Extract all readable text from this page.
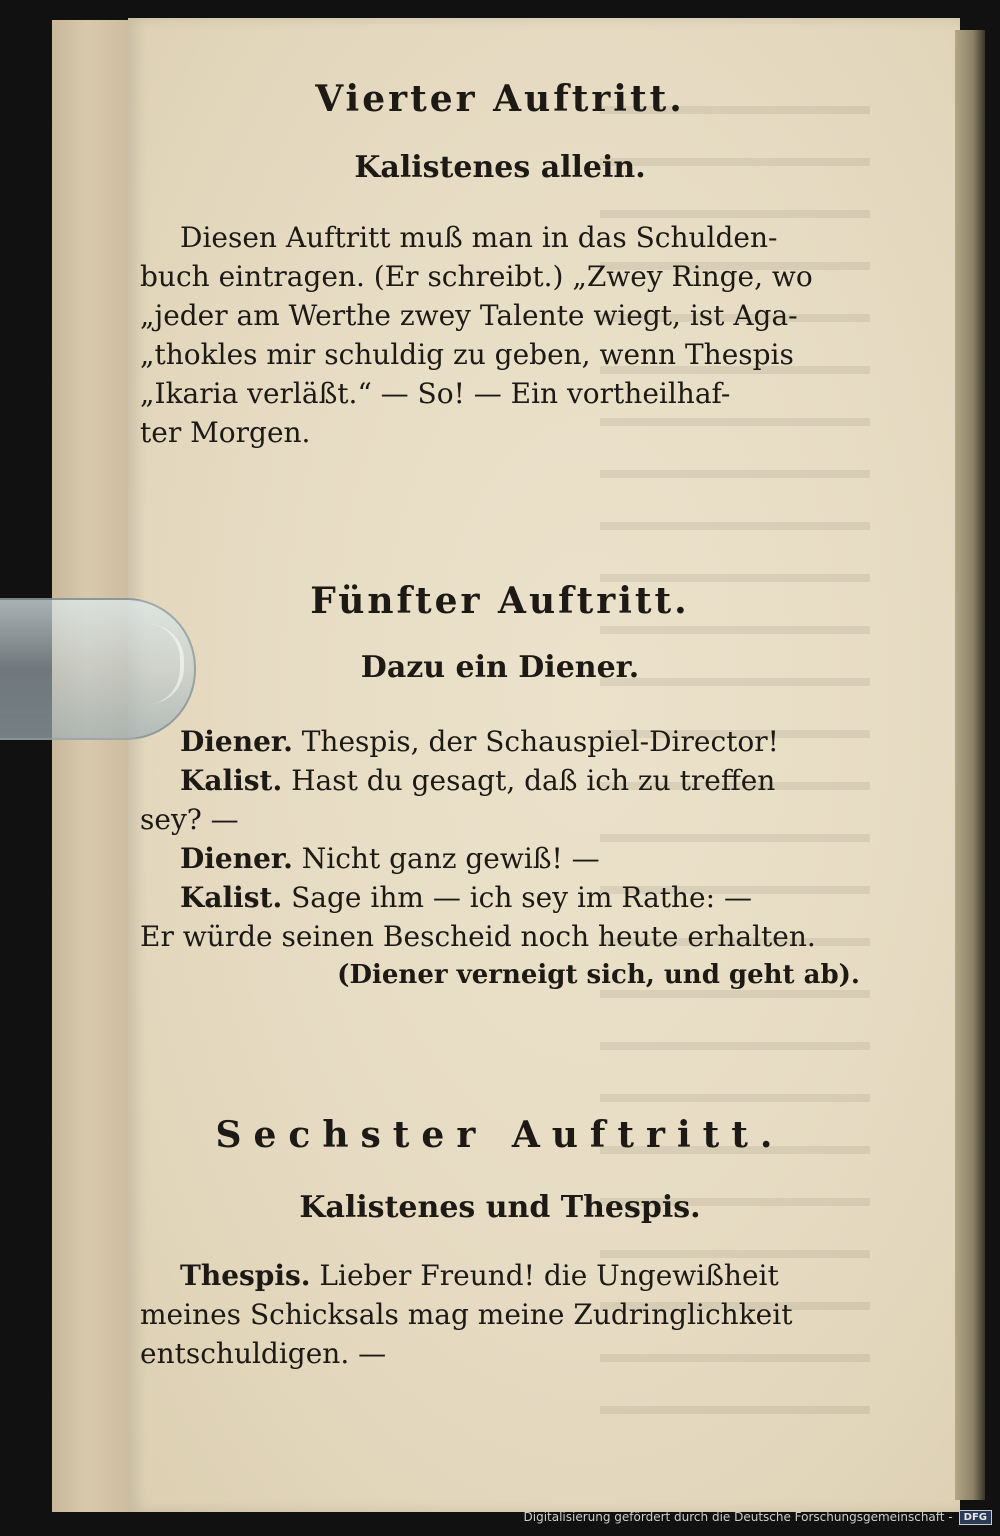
Vierter Auftritt.
Kalistenes allein.
Diesen Auftritt muß man in das Schulden-
buch eintragen. (Er schreibt.) „Zwey Ringe, wo
„jeder am Werthe zwey Talente wiegt, ist Aga-
„thokles mir schuldig zu geben, wenn Thespis
„Ikaria verläßt.“ — So! — Ein vortheilhaf-
ter Morgen.
Fünfter Auftritt.
Dazu ein Diener.
Diener. Thespis, der Schauspiel-Director!
Kalist. Hast du gesagt, daß ich zu treffen
sey? —
Diener. Nicht ganz gewiß! —
Kalist. Sage ihm — ich sey im Rathe: —
Er würde seinen Bescheid noch heute erhalten.
(Diener verneigt sich, und geht ab).
Sechster Auftritt.
Kalistenes und Thespis.
Thespis. Lieber Freund! die Ungewißheit
meines Schicksals mag meine Zudringlichkeit
entschuldigen. —
Digitalisierung gefördert durch die Deutsche Forschungsgemeinschaft -	DFG
